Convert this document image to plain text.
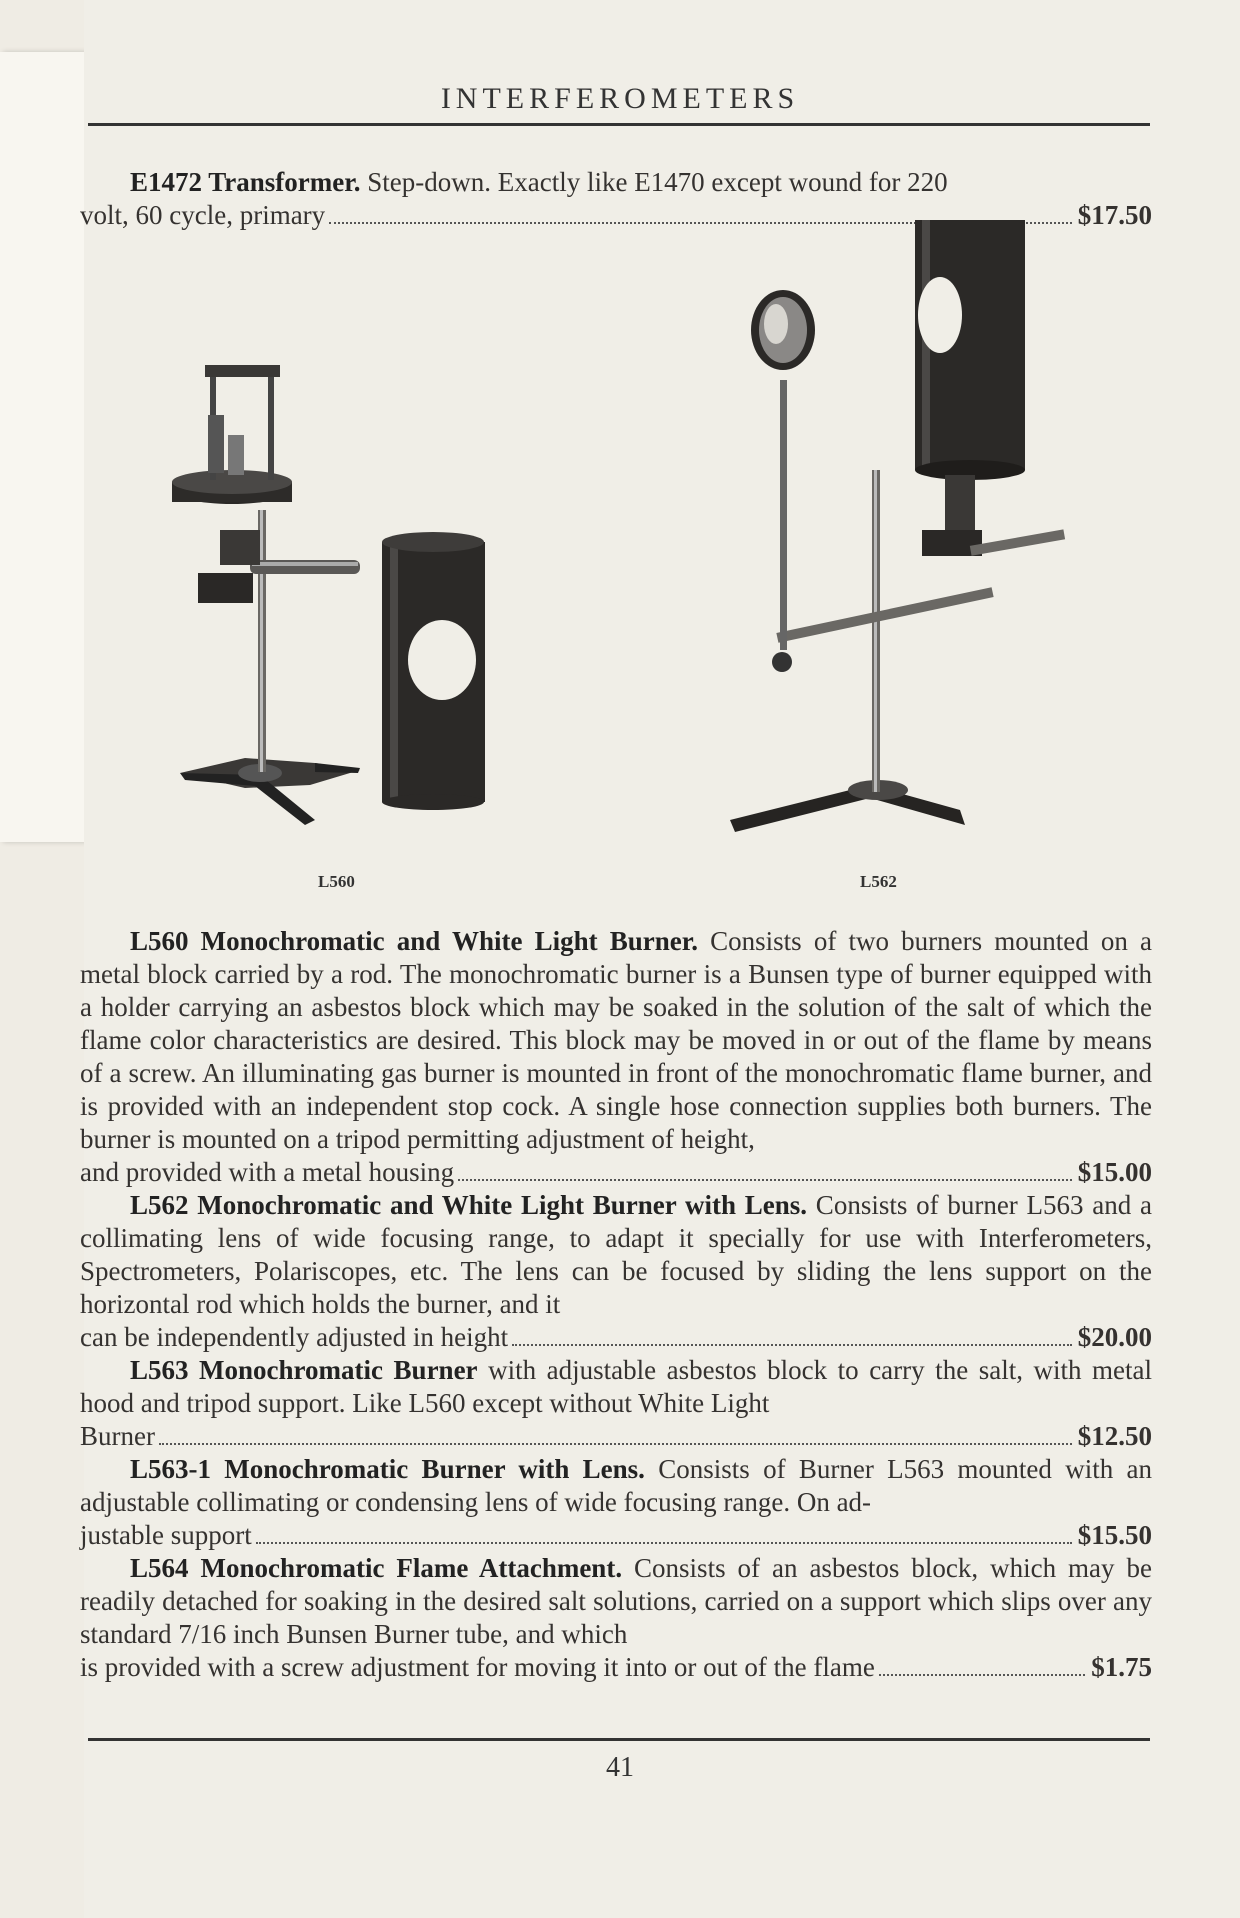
INTERFEROMETERS

E1472 Transformer. Step-down. Exactly like E1470 except wound for 220

volt, 60 cycle, primary	$17.50
L560	L562

L560 Monochromatic and White Light Burner. Consists of two burners mounted on a metal block carried by a rod. The monochromatic burner is a Bunsen type of burner equipped with a holder carrying an asbestos block which may be soaked in the solution of the salt of which the flame color characteristics are desired. This block may be moved in or out of the flame by means of a screw. An illuminating gas burner is mounted in front of the monochromatic flame burner, and is provided with an independent stop cock. A single hose connection supplies both burners. The burner is mounted on a tripod permitting adjustment of height,

and provided with a metal housing	$15.00

L562 Monochromatic and White Light Burner with Lens. Consists of burner L563 and a collimating lens of wide focusing range, to adapt it specially for use with Interferometers, Spectrometers, Polariscopes, etc. The lens can be focused by sliding the lens support on the horizontal rod which holds the burner, and it

can be independently adjusted in height	$20.00

L563 Monochromatic Burner with adjustable asbestos block to carry the salt, with metal hood and tripod support. Like L560 except without White Light

Burner	$12.50

L563-1 Monochromatic Burner with Lens. Consists of Burner L563 mounted with an adjustable collimating or condensing lens of wide focusing range. On ad-

justable support	$15.50

L564 Monochromatic Flame Attachment. Consists of an asbestos block, which may be readily detached for soaking in the desired salt solutions, carried on a support which slips over any standard 7/16 inch Bunsen Burner tube, and which

is provided with a screw adjustment for moving it into or out of the flame	$1.75
41
